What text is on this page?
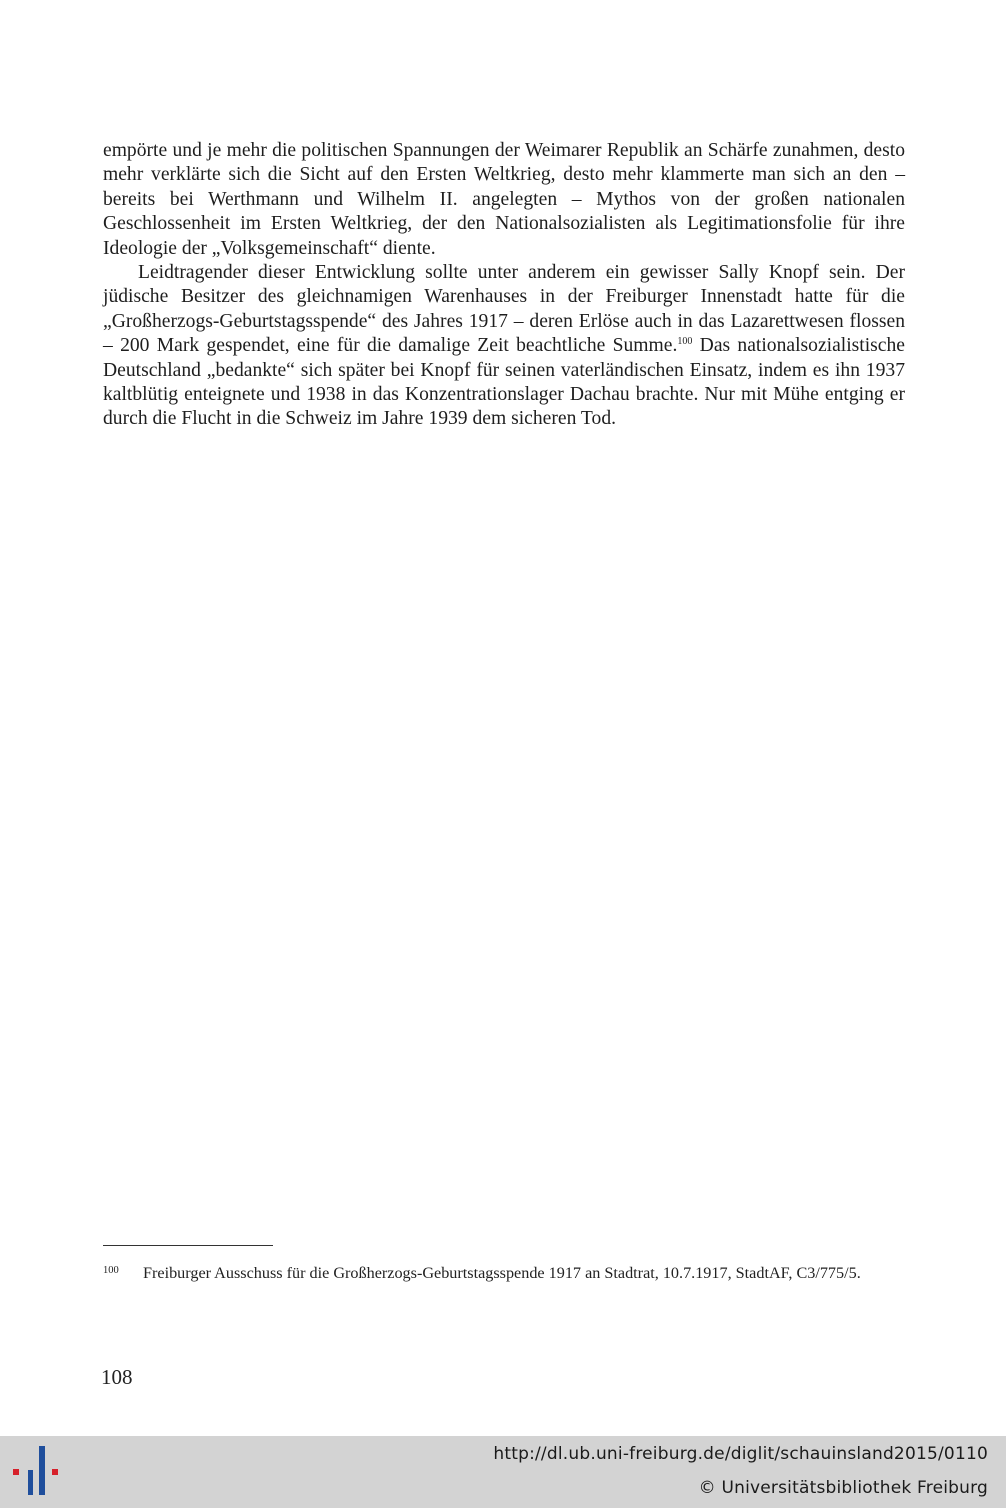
empörte und je mehr die politischen Spannungen der Weimarer Republik an Schärfe zunahmen, desto mehr verklärte sich die Sicht auf den Ersten Weltkrieg, desto mehr klammerte man sich an den – bereits bei Werthmann und Wilhelm II. angelegten – Mythos von der großen nationalen Geschlossenheit im Ersten Weltkrieg, der den Nationalsozialisten als Legitimationsfolie für ihre Ideologie der „Volksgemeinschaft“ diente.

Leidtragender dieser Entwicklung sollte unter anderem ein gewisser Sally Knopf sein. Der jüdische Besitzer des gleichnamigen Warenhauses in der Freiburger Innenstadt hatte für die „Großherzogs-Geburtstagsspende“ des Jahres 1917 – deren Erlöse auch in das Lazarettwesen flossen – 200 Mark gespendet, eine für die damalige Zeit beachtliche Summe.$^{100}$ Das nationalsozialistische Deutschland „bedankte“ sich später bei Knopf für seinen vaterländischen Einsatz, indem es ihn 1937 kaltblütig enteignete und 1938 in das Konzentrationslager Dachau brachte. Nur mit Mühe entging er durch die Flucht in die Schweiz im Jahre 1939 dem sicheren Tod.

100 Freiburger Ausschuss für die Großherzogs-Geburtstagsspende 1917 an Stadtrat, 10.7.1917, StadtAF, C3/775/5.
108
http://dl.ub.uni-freiburg.de/diglit/schauinsland2015/0110
© Universitätsbibliothek Freiburg
